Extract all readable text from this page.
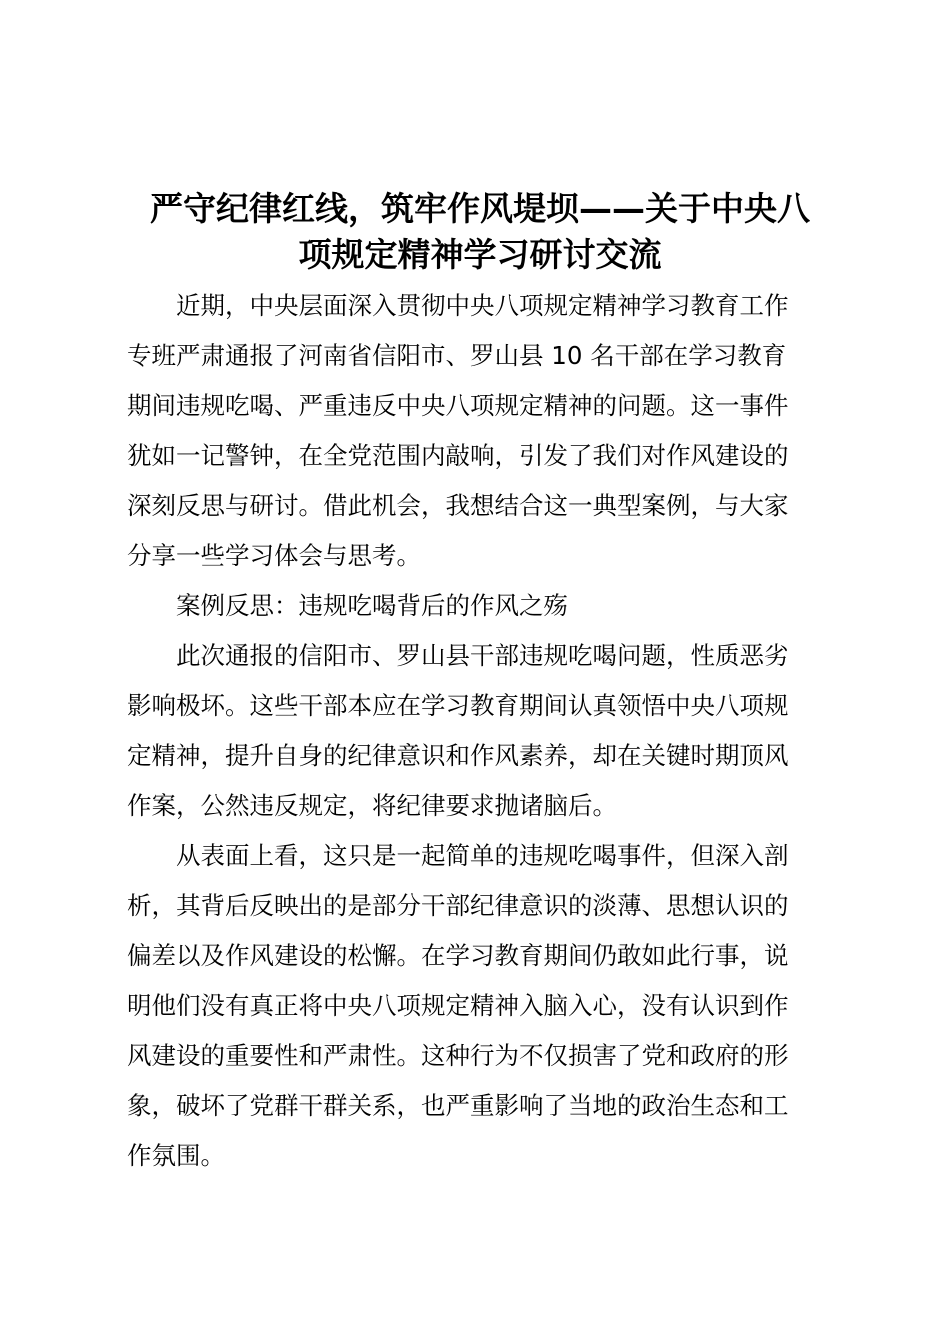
严守纪律红线，筑牢作风堤坝——关于中央八
项规定精神学习研讨交流
近期，中央层面深入贯彻中央八项规定精神学习教育工作
专班严肃通报了河南省信阳市、罗山县 10 名干部在学习教育
期间违规吃喝、严重违反中央八项规定精神的问题。这一事件
犹如一记警钟，在全党范围内敲响，引发了我们对作风建设的
深刻反思与研讨。借此机会，我想结合这一典型案例，与大家
分享一些学习体会与思考。
案例反思：违规吃喝背后的作风之殇
此次通报的信阳市、罗山县干部违规吃喝问题，性质恶劣
影响极坏。这些干部本应在学习教育期间认真领悟中央八项规
定精神，提升自身的纪律意识和作风素养，却在关键时期顶风
作案，公然违反规定，将纪律要求抛诸脑后。
从表面上看，这只是一起简单的违规吃喝事件，但深入剖
析，其背后反映出的是部分干部纪律意识的淡薄、思想认识的
偏差以及作风建设的松懈。在学习教育期间仍敢如此行事，说
明他们没有真正将中央八项规定精神入脑入心，没有认识到作
风建设的重要性和严肃性。这种行为不仅损害了党和政府的形
象，破坏了党群干群关系，也严重影响了当地的政治生态和工
作氛围。
